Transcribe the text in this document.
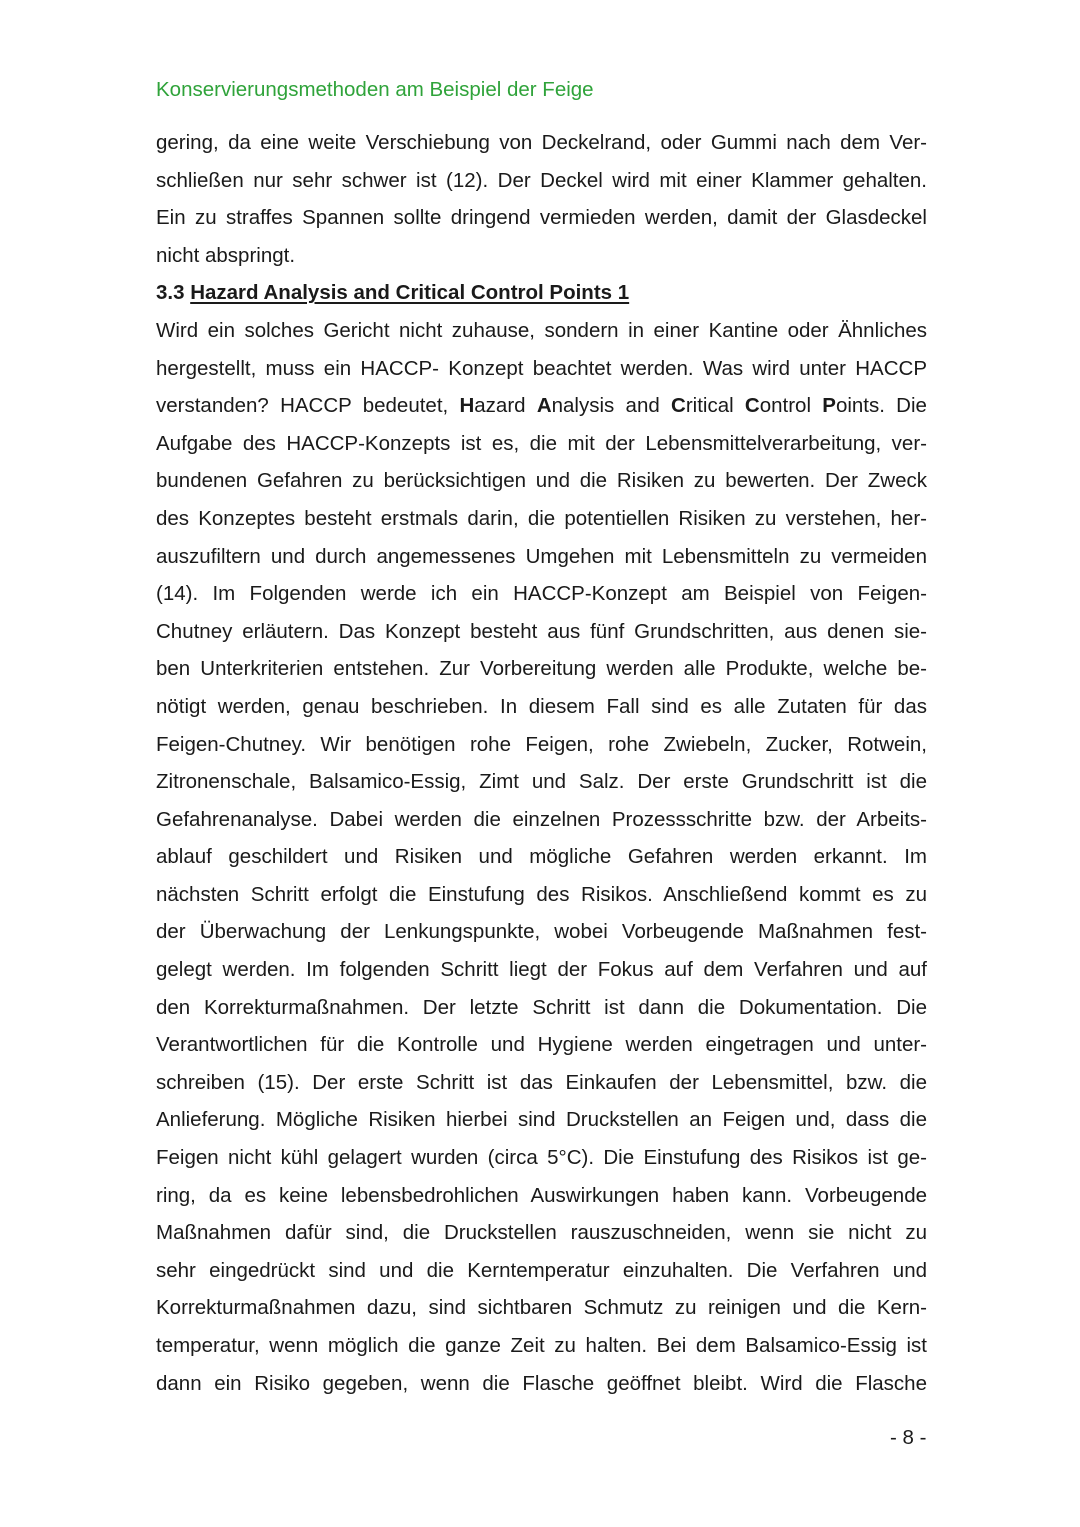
Konservierungsmethoden am Beispiel der Feige
gering, da eine weite Verschiebung von Deckelrand, oder Gummi nach dem Ver-
schließen nur sehr schwer ist (12). Der Deckel wird mit einer Klammer gehalten.
Ein zu straffes Spannen sollte dringend vermieden werden, damit der Glasdeckel
nicht abspringt.
3.3 Hazard Analysis and Critical Control Points 1
Wird ein solches Gericht nicht zuhause, sondern in einer Kantine oder Ähnliches
hergestellt, muss ein HACCP- Konzept beachtet werden. Was wird unter HACCP
verstanden? HACCP bedeutet, Hazard Analysis and Critical Control Points. Die
Aufgabe des HACCP-Konzepts ist es, die mit der Lebensmittelverarbeitung, ver-
bundenen Gefahren zu berücksichtigen und die Risiken zu bewerten. Der Zweck
des Konzeptes besteht erstmals darin, die potentiellen Risiken zu verstehen, her-
auszufiltern und durch angemessenes Umgehen mit Lebensmitteln zu vermeiden
(14). Im Folgenden werde ich ein HACCP-Konzept am Beispiel von Feigen-
Chutney erläutern. Das Konzept besteht aus fünf Grundschritten, aus denen sie-
ben Unterkriterien entstehen. Zur Vorbereitung werden alle Produkte, welche be-
nötigt werden, genau beschrieben. In diesem Fall sind es alle Zutaten für das
Feigen-Chutney. Wir benötigen rohe Feigen, rohe Zwiebeln, Zucker, Rotwein,
Zitronenschale, Balsamico-Essig, Zimt und Salz. Der erste Grundschritt ist die
Gefahrenanalyse. Dabei werden die einzelnen Prozessschritte bzw. der Arbeits-
ablauf geschildert und Risiken und mögliche Gefahren werden erkannt. Im
nächsten Schritt erfolgt die Einstufung des Risikos. Anschließend kommt es zu
der Überwachung der Lenkungspunkte, wobei Vorbeugende Maßnahmen fest-
gelegt werden. Im folgenden Schritt liegt der Fokus auf dem Verfahren und auf
den Korrekturmaßnahmen. Der letzte Schritt ist dann die Dokumentation. Die
Verantwortlichen für die Kontrolle und Hygiene werden eingetragen und unter-
schreiben (15). Der erste Schritt ist das Einkaufen der Lebensmittel, bzw. die
Anlieferung. Mögliche Risiken hierbei sind Druckstellen an Feigen und, dass die
Feigen nicht kühl gelagert wurden (circa 5°C). Die Einstufung des Risikos ist ge-
ring, da es keine lebensbedrohlichen Auswirkungen haben kann. Vorbeugende
Maßnahmen dafür sind, die Druckstellen rauszuschneiden, wenn sie nicht zu
sehr eingedrückt sind und die Kerntemperatur einzuhalten. Die Verfahren und
Korrekturmaßnahmen dazu, sind sichtbaren Schmutz zu reinigen und die Kern-
temperatur, wenn möglich die ganze Zeit zu halten. Bei dem Balsamico-Essig ist
dann ein Risiko gegeben, wenn die Flasche geöffnet bleibt. Wird die Flasche
- 8 -
